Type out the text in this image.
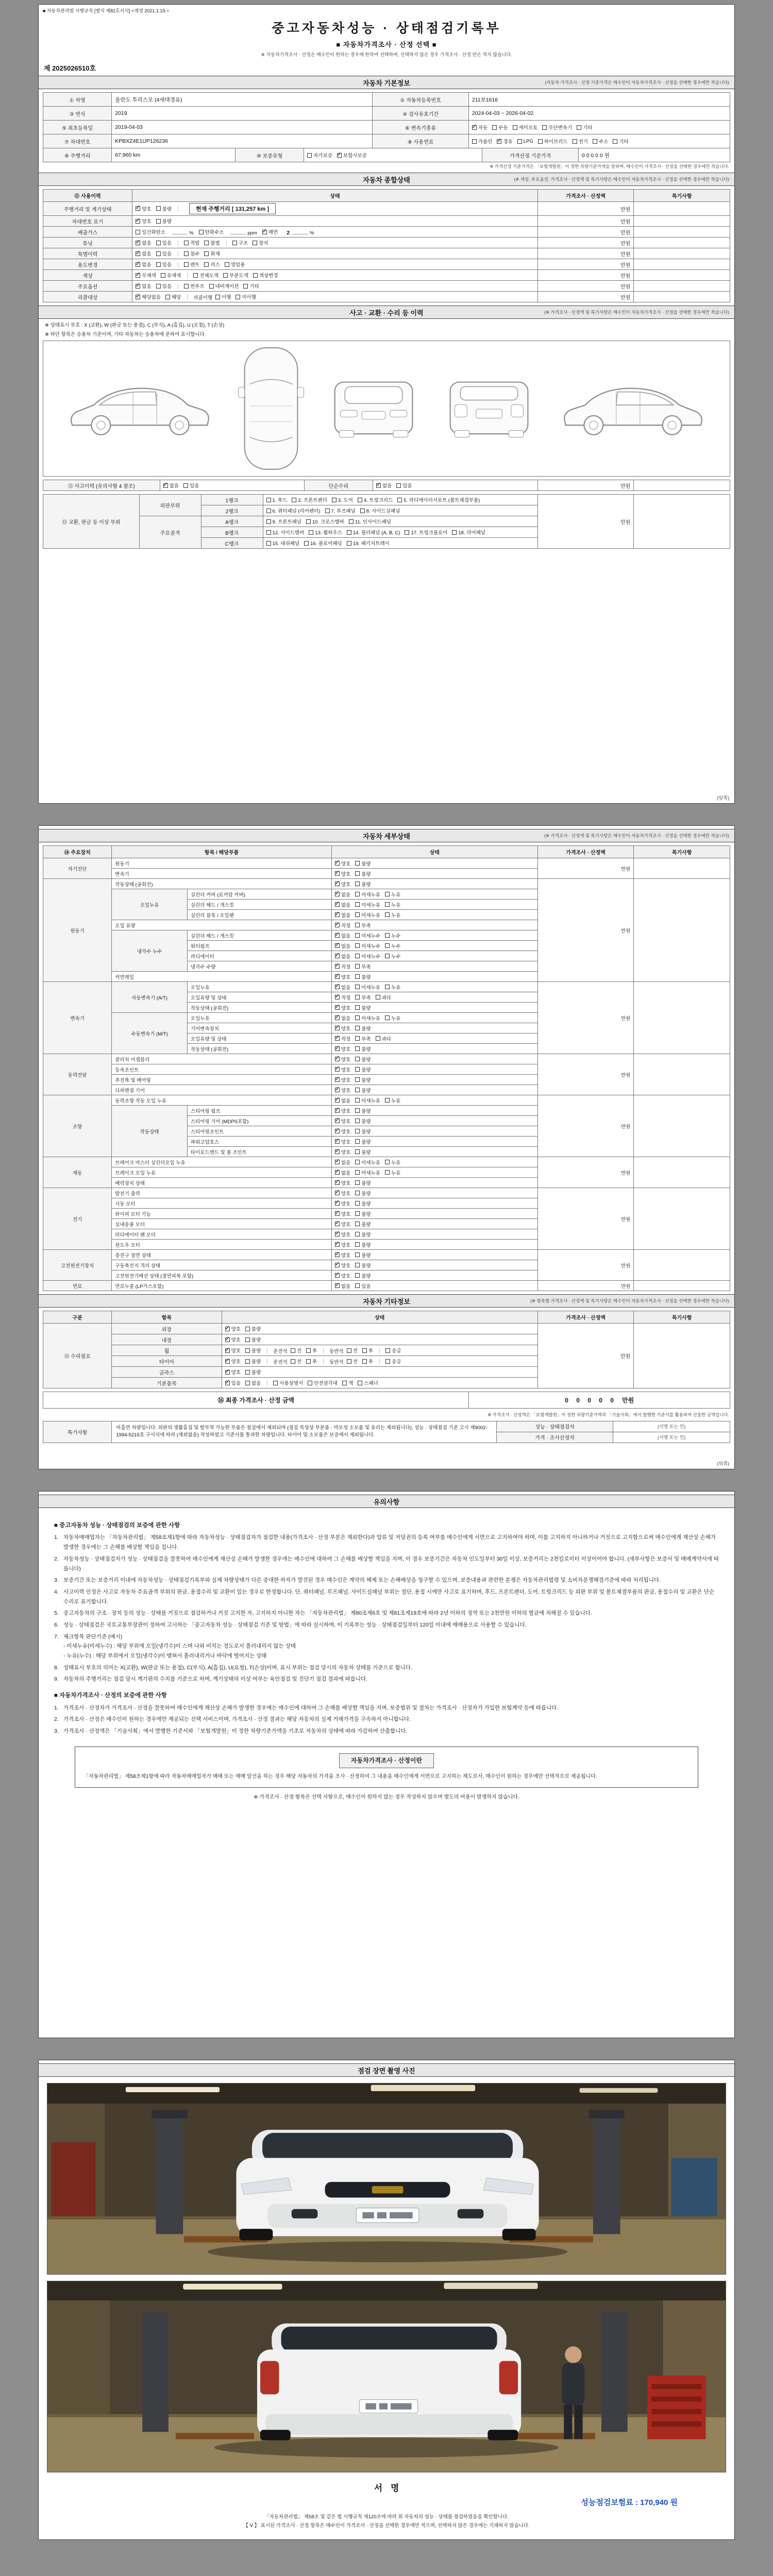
■ 자동차관리법 시행규칙 [별지 제82호서식] <개정 2021.1.19.>
중고자동차성능 · 상태점검기록부
■ 자동차가격조사 · 산정 선택 ■
※ 자동차가격조사 · 산정은 매수인이 원하는 경우에 한하여 선택하며, 선택하지 않은 경우 가격조사 · 산정 란은 적지 않습니다.
제 2025026510호
자동차 기본정보	(자동차 가격조사 · 산정 기준가격은 매수인이 자동차가격조사 · 산정을 선택한 경우에만 적습니다)
① 차명	올란도 투리스모 (4세대경유)	② 자동차등록번호	211보1616
③ 연식	2019	④ 검사유효기간	2024-04-03 ~ 2026-04-02
⑤ 최초등록일	2019-04-03	⑥ 변속기종류 ✓	자동 수동 세미오토 무단변속기 기타
⑦ 차대번호	KPBXZ4E1UP126236	⑧ 사용연료	가솔린 ✓ 경유 LPG 하이브리드 전기 수소 기타
⑨ 주행거리	67,960 km	⑩ 보증유형	자가보증 ✓ 보험사보증	가격산정 기준가격	0 0 0 0 0 원
※ 가격산정 기준가격은 「보험개발원」이 정한 차량기준가액을 말하며, 매수인이 가격조사 · 산정을 선택한 경우에만 적습니다.
자동차 종합상태	(※ 색상, 주요옵션, 가격조사 · 산정액 및 특기사항은 매수인이 자동차가격조사 · 산정을 선택한 경우에만 적습니다)
⑪ 사용이력	상태	가격조사 · 산정액	특기사항
주행거리 및 계기상태	
✓양호 불량 현재 주행거리 [ 131,257 km ]	만원	
차대번호 표기	
✓양호 불량	만원	
배출가스	일산화탄소	% 탄화수소	ppm ✓ 매연 2	%	만원	
튜닝	
✓없음 있음	적법 불법	구조 장치	만원	
특별이력	
✓없음 있음 침수 화재	만원	
용도변경	
✓없음 있음 렌트 리스 영업용	만원	
색상	
✓무채색 유채색 전체도색 부분도색 색상변경	만원	
주요옵션	
✓없음 있음 썬루프 네비게이션 기타	만원	
리콜대상	
✓해당없음 해당 리콜이행 이행 미이행	만원	
사고 · 교환 · 수리 등 이력	(※ 가격조사 · 산정액 및 특기사항은 매수인이 자동차가격조사 · 산정을 선택한 경우에만 적습니다)
※ 상태표시 부호 : X (교환), W (판금 또는 용접), C (부식), A (흠집), U (요철), T (손상)
※ 하단 항목은 승용차 기준이며, 기타 자동차는 승용차에 준하여 표시합니다.
⑫ 사고이력 (유의사항 4 참조)	
✓없음 있음	단순수리	
✓없음 있음	만원	
⑬ 교환, 판금 등 이상 부위	외판부위	1랭크	1. 후드 2. 프론트펜더 3. 도어 4. 트렁크리드 5. 라디에이터서포트 (볼트체결부품)	만원	
		2랭크	6. 쿼터패널 (리어펜더) 7. 루프패널 8. 사이드실패널		

	주요골격	A랭크	9. 프론트패널 10. 크로스멤버 11. 인사이드패널		

		B랭크	12. 사이드멤버 13. 휠하우스 14. 필러패널 (A, B, C) 17. 트렁크플로어 18. 리어패널		

		C랭크	15. 대쉬패널 16. 플로어패널 19. 패키지트레이		
(앞쪽)
자동차 세부상태	(※ 가격조사 · 산정액 및 특기사항은 매수인이 자동차가격조사 · 산정을 선택한 경우에만 적습니다)
⑭ 주요장치	항목 / 해당부품		상태	가격조사 · 산정액	특기사항
자기진단	원동기	
✓양호 불량	만원	
	변속기	
✓양호 불량

원동기	작동상태 (공회전)	
✓양호 불량	만원	
	오일누유	실린더 커버 (로커암 커버)	
✓없음 미세누유 누유

		실린더 헤드 / 개스킷	
✓없음 미세누유 누유

		실린더 블록 / 오일팬	
✓없음 미세누유 누유

	오일 유량	
✓적정 부족

	냉각수 누수	실린더 헤드 / 개스킷	
✓없음 미세누수 누수

		워터펌프	
✓없음 미세누수 누수

		라디에이터	
✓없음 미세누수 누수

		냉각수 수량	
✓적정 부족

	커먼레일	
✓양호 불량

변속기	자동변속기 (A/T)	오일누유	
✓없음 미세누유 누유	만원	
		오일유량 및 상태	
✓적정 부족 과다

		작동상태 (공회전)	
✓양호 불량

	수동변속기 (M/T)	오일누유	
✓없음 미세누유 누유

		기어변속장치	
✓양호 불량

		오일유량 및 상태	
✓적정 부족 과다

		작동상태 (공회전)	
✓양호 불량

동력전달	클러치 어셈블리	
✓양호 불량	만원	
	등속조인트	
✓양호 불량

	추진축 및 베어링	
✓양호 불량

	디퍼렌셜 기어	
✓양호 불량

조향	동력조향 작동 오일 누유	
✓없음 미세누유 누유	만원	
	작동상태	스티어링 펌프	
✓양호 불량

		스티어링 기어 (MDPS포함)	
✓양호 불량

		스티어링조인트	
✓양호 불량

		파워고압호스	
✓양호 불량

		타이로드엔드 및 볼 조인트	
✓양호 불량

제동	브레이크 마스터 실린더오일 누유	
✓없음 미세누유 누유	만원	
	브레이크 오일 누유	
✓없음 미세누유 누유

	배력장치 상태	
✓양호 불량

전기	발전기 출력	
✓양호 불량	만원	
	시동 모터	
✓양호 불량

	와이퍼 모터 기능	
✓양호 불량

	실내송풍 모터	
✓양호 불량

	라디에이터 팬 모터	
✓양호 불량

	윈도우 모터	
✓양호 불량

고전원전기장치	충전구 절연 상태	
✓양호 불량	만원	
	구동축전지 격리 상태	
✓양호 불량

	고전원전기배선 상태 (절연피복 포함)	
✓양호 불량

연료	연료누출 (LP가스포함)	
✓없음 있음	만원	
자동차 기타정보	(※ 항목별 가격조사 · 산정액 및 특기사항은 매수인이 자동차가격조사 · 산정을 선택한 경우에만 적습니다)
구분	항목	상태	가격조사 · 산정액	특기사항
⑮ 수리필요	외장	
✓양호 불량	만원	
	내장	
✓양호 불량

휠	
✓양호 불량	운전석 전 후	동반석 전 후	응급

타이어	
✓양호 불량	운전석 전 후	동반석 전 후	응급

	글라스	
✓양호 불량

기본품목	
✓있음 없음	사용설명서 안전삼각대 잭 스패너
⑯ 최종 가격조사 · 산정 금액	0 0 0 0 0 만원
※ 가격조사 · 산정액은 「보험개발원」이 정한 차량기준가액과 「기술사회」에서 발행한 기준서를 활용하여 산출한 금액입니다.
특기사항	비흡연 차량입니다. 외판의 생활흠집 및 탈부착 가능한 부품은 점검에서 제외되며 (점검 특성상 부분품 · 마모성 소모품 및 유리는 제외됩니다), 성능 · 상태점검 기준 고시 제9002-1994-5215호 구서식에 따라 (제외없음) 작성하였고 기준서를 통과한 차량입니다. 타이어 및 소모품은 보증에서 제외됩니다.	성능 · 상태점검자	(서명 또는 인)
		가격 · 조사산정자	(서명 또는 인)
(뒤쪽)
유의사항
■ 중고자동차 성능 · 상태점검의 보증에 관한 사항
1. 자동차매매업자는 「자동차관리법」 제58조제1항에 따라 자동차성능 · 상태점검자가 점검한 내용(가격조사 · 산정 부분은 제외한다)과 압류 및 저당권의 등록 여부를 매수인에게 서면으로 고지하여야 하며, 이를 고지하지 아니하거나 거짓으로 고지함으로써 매수인에게 재산상 손해가 발생한 경우에는 그 손해를 배상할 책임을 집니다.
2. 자동차성능 · 상태점검자가 성능 · 상태점검을 잘못하여 매수인에게 재산상 손해가 발생한 경우에는 매수인에 대하여 그 손해를 배상할 책임을 지며, 이 경우 보증기간은 자동차 인도일부터 30일 이상, 보증거리는 2천킬로미터 이상이어야 합니다. (세부사항은 보증서 및 매매계약서에 따릅니다)
3. 보증기간 또는 보증거리 이내에 자동차성능 · 상태점검기록부와 실제 차량상태가 다른 중대한 하자가 발견된 경우 매수인은 계약의 해제 또는 손해배상을 청구할 수 있으며, 보증내용과 관련한 분쟁은 자동차관리법령 및 소비자분쟁해결기준에 따라 처리됩니다.
4. 사고이력 인정은 사고로 자동차 주요골격 부위의 판금, 용접수리 및 교환이 있는 경우로 한정합니다. 단, 쿼터패널, 루프패널, 사이드실패널 부위는 절단, 용접 시에만 사고로 표기하며, 후드, 프론트펜더, 도어, 트렁크리드 등 외판 부위 및 볼트체결부품의 판금, 용접수리 및 교환은 단순수리로 표기합니다.
5. 중고자동차의 구조 · 장치 등의 성능 · 상태를 거짓으로 점검하거나 거짓 고지한 자, 고지하지 아니한 자는 「자동차관리법」 제80조제6호 및 제81조제19호에 따라 2년 이하의 징역 또는 2천만원 이하의 벌금에 처해질 수 있습니다.
6. 성능 · 상태점검은 국토교통부장관이 정하여 고시하는 「중고자동차 성능 · 상태점검 기준 및 방법」에 따라 실시하며, 이 기록부는 성능 · 상태점검일부터 120일 이내에 매매용으로 사용할 수 있습니다.
7. 체크항목 판단기준 (예시)
- 미세누유(미세누수) : 해당 부위에 오일(냉각수)이 스며 나와 비치는 정도로서 흘러내리지 않는 상태
- 누유(누수) : 해당 부위에서 오일(냉각수)이 맺혀서 흘러내리거나 바닥에 떨어지는 상태
8. 상태표시 부호의 의미는 X(교환), W(판금 또는 용접), C(부식), A(흠집), U(요철), T(손상)이며, 표시 부위는 점검 당시의 자동차 상태를 기준으로 합니다.
9. 자동차의 주행거리는 점검 당시 계기판의 수치를 기준으로 하며, 계기상태의 이상 여부는 육안점검 및 진단기 점검 결과에 따릅니다.
■ 자동차가격조사 · 산정의 보증에 관한 사항
1. 가격조사 · 산정자가 가격조사 · 산정을 잘못하여 매수인에게 재산상 손해가 발생한 경우에는 매수인에 대하여 그 손해를 배상할 책임을 지며, 보증범위 및 절차는 가격조사 · 산정자가 가입한 보험계약 등에 따릅니다.
2. 가격조사 · 산정은 매수인이 원하는 경우에만 제공되는 선택 서비스이며, 가격조사 · 산정 결과는 해당 자동차의 실제 거래가격을 구속하지 아니합니다.
3. 가격조사 · 산정액은 「기술사회」에서 발행한 기준서와 「보험개발원」이 정한 차량기준가액을 기초로 자동차의 상태에 따라 가감하여 산출합니다.
자동차가격조사 · 산정이란
「자동차관리법」 제58조제1항에 따라 자동차매매업자가 매매 또는 매매 알선을 하는 경우 해당 자동차의 가격을 조사 · 산정하여 그 내용을 매수인에게 서면으로 고지하는 제도로서, 매수인이 원하는 경우에만 선택적으로 제공됩니다.
※ 가격조사 · 산정 항목은 선택 사항으로, 매수인이 원하지 않는 경우 작성하지 않으며 별도의 비용이 발생하지 않습니다.
점검 장면 촬영 사진
서명
성능점검보험료 : 170,940 원
「자동차관리법」 제58조 및 같은 법 시행규칙 제120조에 따라 위 자동차의 성능 · 상태를 점검하였음을 확인합니다.
【 Ⅴ 】 표시된 가격조사 · 산정 항목은 매수인이 가격조사 · 산정을 선택한 경우에만 적으며, 선택하지 않은 경우에는 기재하지 않습니다.
